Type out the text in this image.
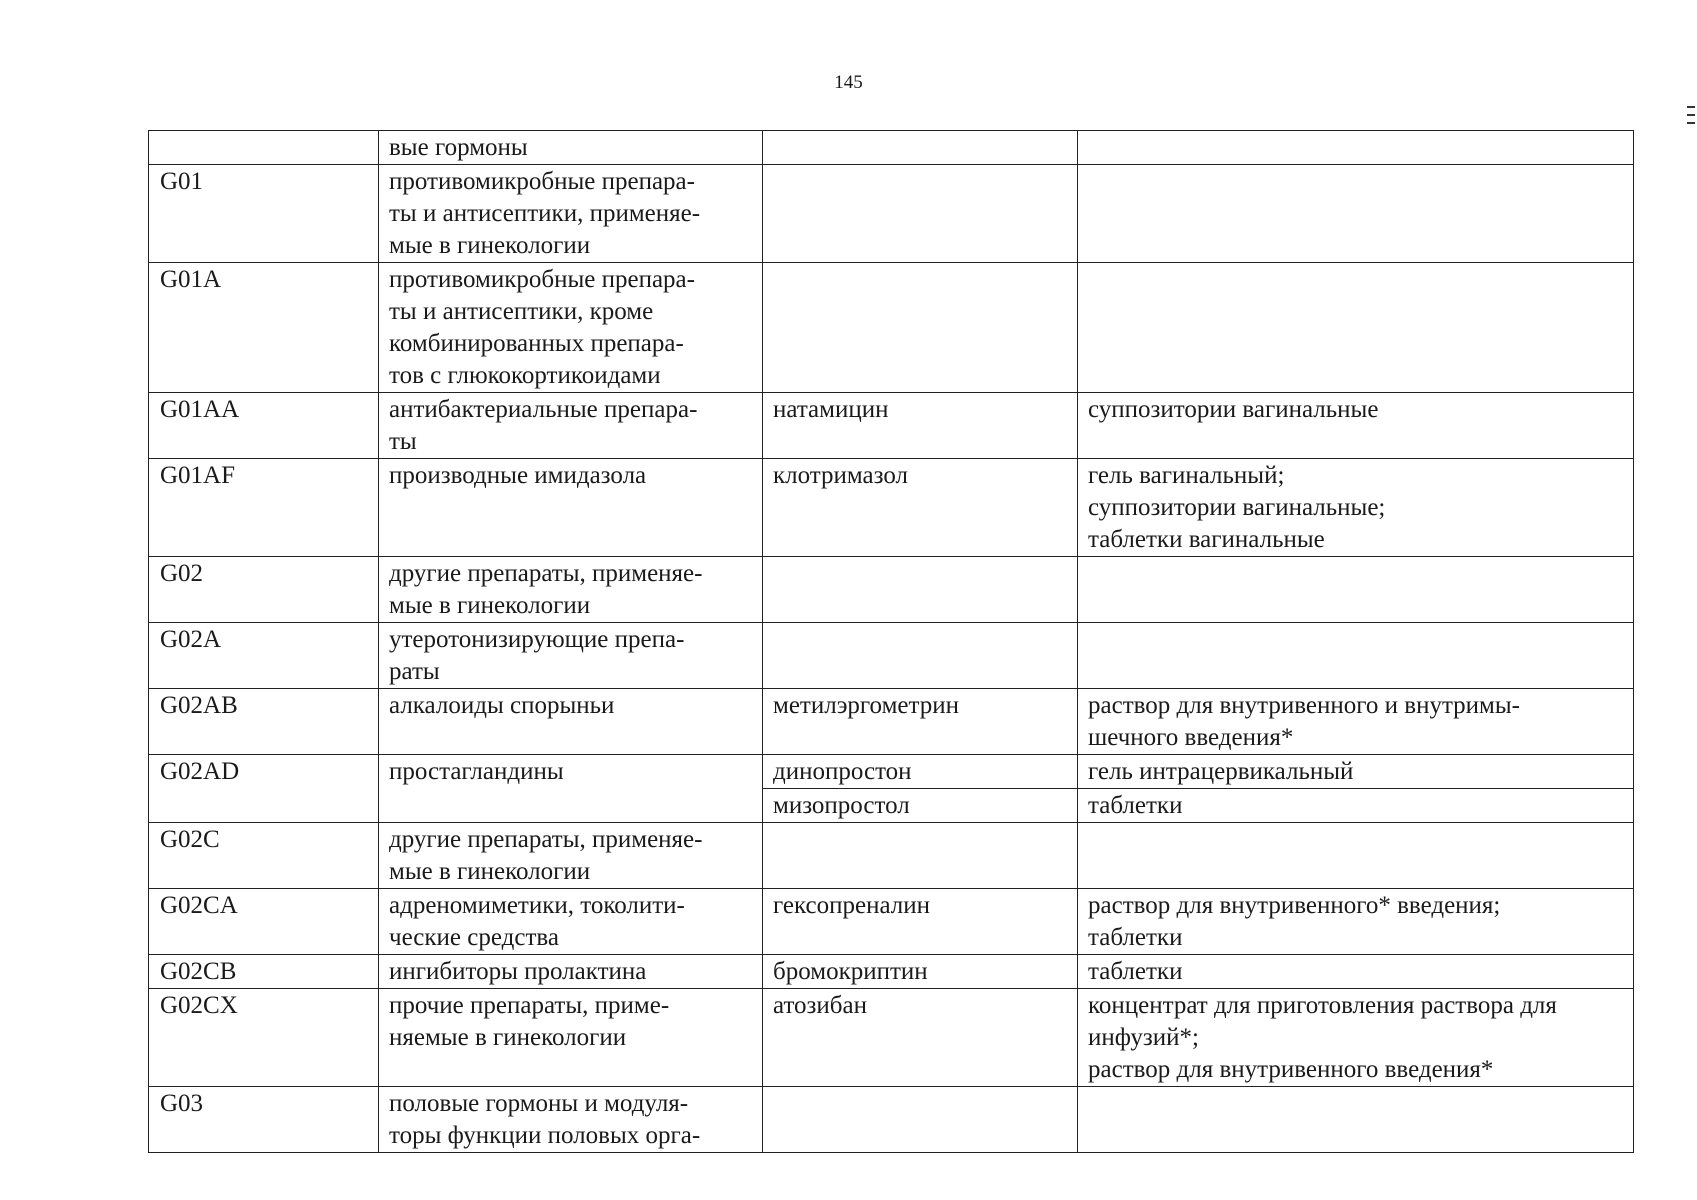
145

	вые гормоны		

G01	противомикробные препара-
ты и антисептики, применяе-
мые в гинекологии		

G01A	противомикробные препара-
ты и антисептики, кроме
комбинированных препара-
тов с глюкокортикоидами		

G01AA	антибактериальные препара-
ты	натамицин	суппозитории вагинальные

G01AF	производные имидазола	клотримазол	гель вагинальный;
суппозитории вагинальные;
таблетки вагинальные

G02	другие препараты, применяе-
мые в гинекологии		

G02A	утеротонизирующие препа-
раты		

G02AB	алкалоиды спорыньи	метилэргометрин	раствор для внутривенного и внутримы-
шечного введения*

G02AD	простагландины	динопростон	гель интрацервикальный

		мизопростол	таблетки

G02C	другие препараты, применяе-
мые в гинекологии		

G02CA	адреномиметики, токолити-
ческие средства	гексопреналин	раствор для внутривенного* введения;
таблетки

G02CB	ингибиторы пролактина	бромокриптин	таблетки

G02CX	прочие препараты, приме-
няемые в гинекологии	атозибан	концентрат для приготовления раствора для
инфузий*;
раствор для внутривенного введения*

G03	половые гормоны и модуля-
торы функции половых орга-		
